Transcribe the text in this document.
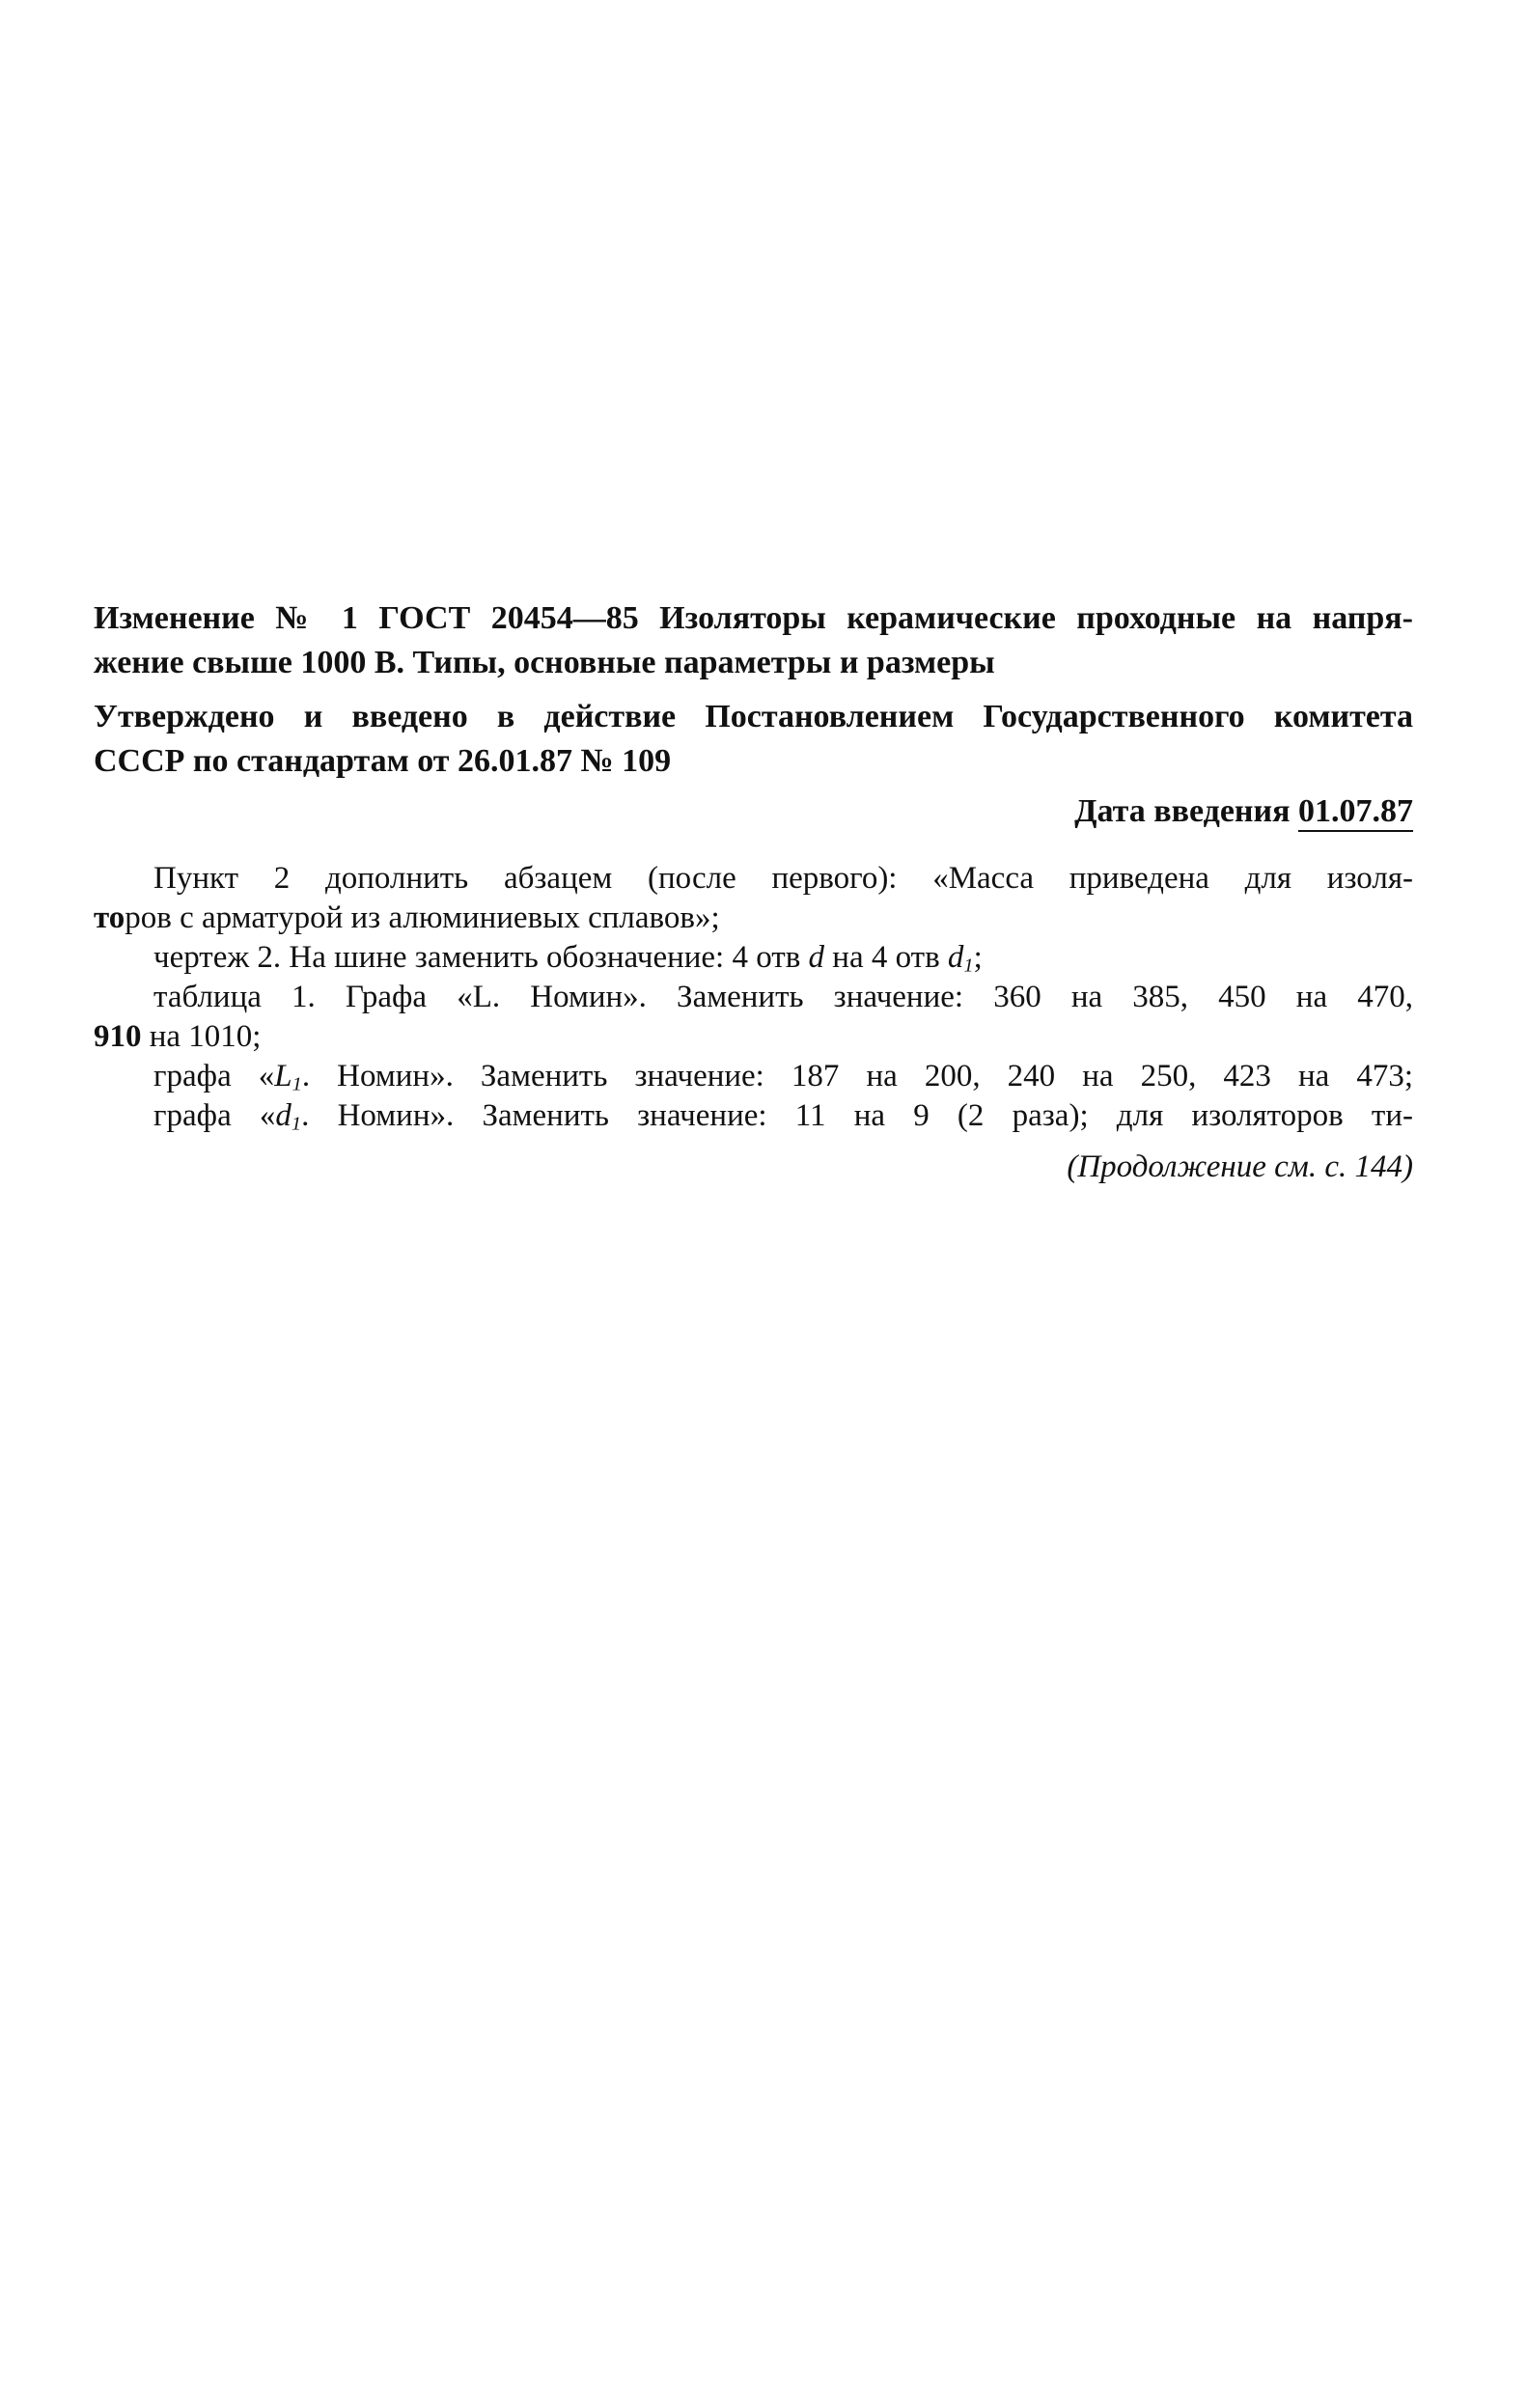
Изменение № 1 ГОСТ 20454—85 Изоляторы керамические проходные на напря-
жение свыше 1000 В. Типы, основные параметры и размеры
Утверждено и введено в действие Постановлением Государственного комитета
СССР по стандартам от 26.01.87 № 109
Дата введения 01.07.87
Пункт 2 дополнить абзацем (после первого): «Масса приведена для изоля-
торов с арматурой из алюминиевых сплавов»;
чертеж 2. На шине заменить обозначение: 4 отв d на 4 отв $d_1$;
таблица 1. Графа «L. Номин». Заменить значение: 360 на 385, 450 на 470,
910 на 1010;
графа «$L_1$. Номин». Заменить значение: 187 на 200, 240 на 250, 423 на 473;
графа «$d_1$. Номин». Заменить значение: 11 на 9 (2 раза); для изоляторов ти-
(Продолжение см. с. 144)
